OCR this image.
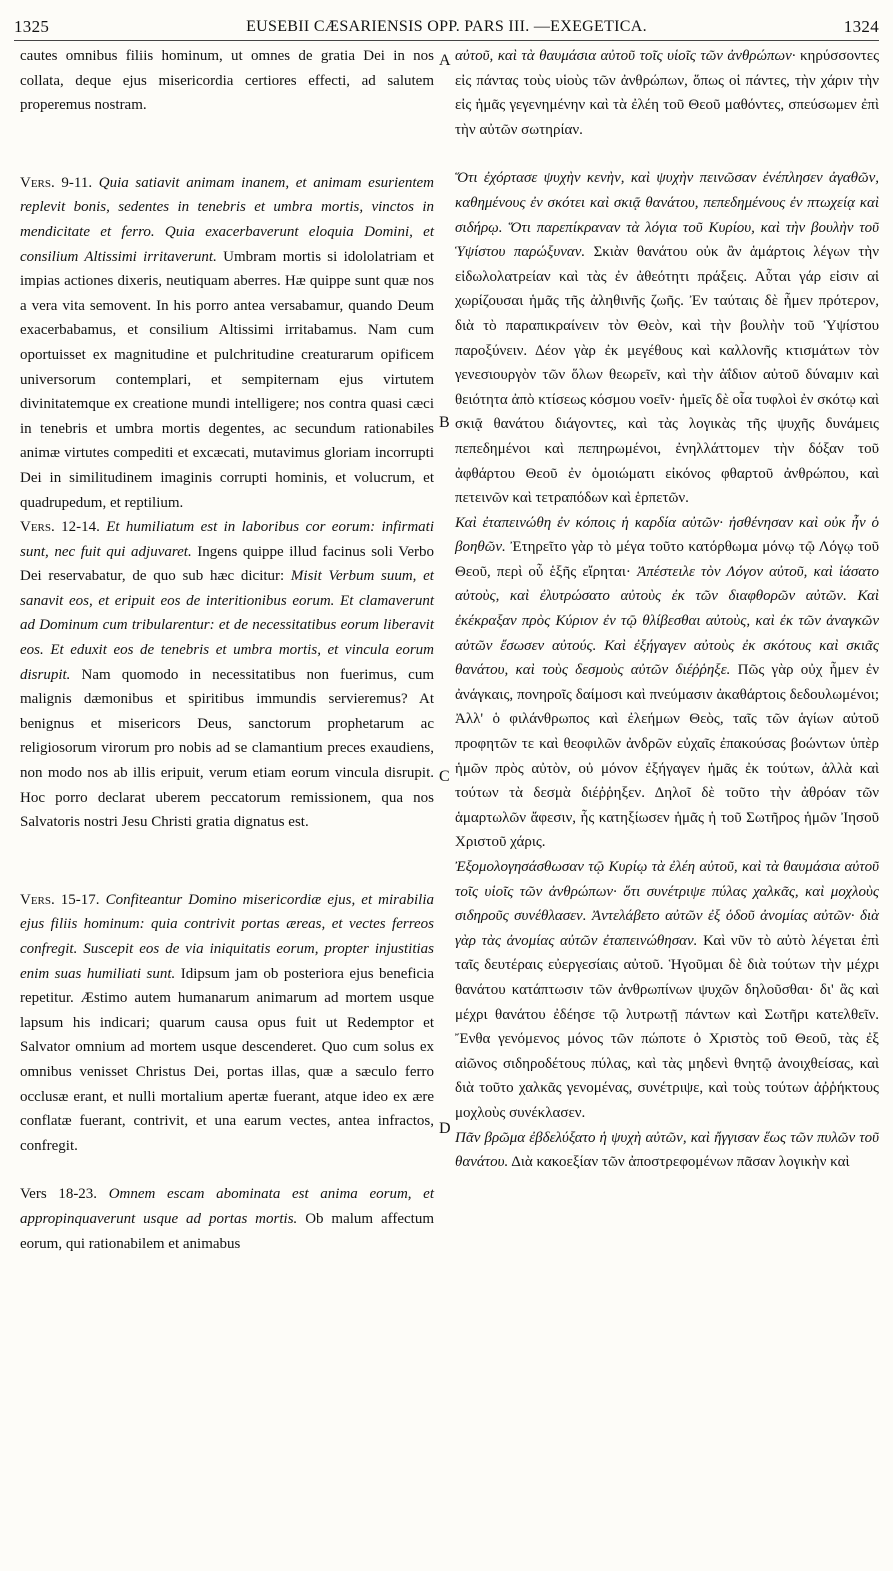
1325	EUSEBII CÆSARIENSIS OPP. PARS III. —EXEGETICA.	1324

cautes omnibus filiis hominum, ut omnes de gratia Dei in nos collata, deque ejus misericordia certiores effecti, ad salutem properemus nostram.

Vers. 9-11. Quia satiavit animam inanem, et animam esurientem replevit bonis, sedentes in tenebris et umbra mortis, vinctos in mendicitate et ferro. Quia exacerbaverunt eloquia Domini, et consilium Altissimi irritaverunt. Umbram mortis si idololatriam et impias actiones dixeris, neutiquam aberres. Hæ quippe sunt quæ nos a vera vita semovent. In his porro antea versabamur, quando Deum exacerbabamus, et consilium Altissimi irritabamus. Nam cum oportuisset ex magnitudine et pulchritudine creaturarum opificem universorum contemplari, et sempiternam ejus virtutem divinitatemque ex creatione mundi intelligere; nos contra quasi cæci in tenebris et umbra mortis degentes, ac secundum rationabiles animæ virtutes compediti et excæcati, mutavimus gloriam incorrupti Dei in similitudinem imaginis corrupti hominis, et volucrum, et quadrupedum, et reptilium.

Vers. 12-14. Et humiliatum est in laboribus cor eorum: infirmati sunt, nec fuit qui adjuvaret. Ingens quippe illud facinus soli Verbo Dei reservabatur, de quo sub hæc dicitur: Misit Verbum suum, et sanavit eos, et eripuit eos de interitionibus eorum. Et clamaverunt ad Dominum cum tribularentur: et de necessitatibus eorum liberavit eos. Et eduxit eos de tenebris et umbra mortis, et vincula eorum disrupit. Nam quomodo in necessitatibus non fuerimus, cum malignis dæmonibus et spiritibus immundis servieremus? At benignus et misericors Deus, sanctorum prophetarum ac religiosorum virorum pro nobis ad se clamantium preces exaudiens, non modo nos ab illis eripuit, verum etiam eorum vincula disrupit. Hoc porro declarat uberem peccatorum remissionem, qua nos Salvatoris nostri Jesu Christi gratia dignatus est.

Vers. 15-17. Confiteantur Domino misericordiæ ejus, et mirabilia ejus filiis hominum: quia contrivit portas æreas, et vectes ferreos confregit. Suscepit eos de via iniquitatis eorum, propter injustitias enim suas humiliati sunt. Idipsum jam ob posteriora ejus beneficia repetitur. Æstimo autem humanarum animarum ad mortem usque lapsum his indicari; quarum causa opus fuit ut Redemptor et Salvator omnium ad mortem usque descenderet. Quo cum solus ex omnibus venisset Christus Dei, portas illas, quæ a sæculo ferro occlusæ erant, et nulli mortalium apertæ fuerant, atque ideo ex ære conflatæ fuerant, contrivit, et una earum vectes, antea infractos, confregit.

Vers 18-23. Omnem escam abominata est anima eorum, et appropinquaverunt usque ad portas mortis. Ob malum affectum eorum, qui rationabilem et animabus

A
B
C
D

αὐτοῦ, καὶ τὰ θαυμάσια αὐτοῦ τοῖς υἱοῖς τῶν ἀνθρώπων· κηρύσσοντες εἰς πάντας τοὺς υἱοὺς τῶν ἀνθρώπων, ὅπως οἱ πάντες, τὴν χάριν τὴν εἰς ἡμᾶς γεγενημένην καὶ τὰ ἐλέη τοῦ Θεοῦ μαθόντες, σπεύσωμεν ἐπὶ τὴν αὐτῶν σωτηρίαν.

Ὅτι ἐχόρτασε ψυχὴν κενὴν, καὶ ψυχὴν πεινῶσαν ἐνέπλησεν ἀγαθῶν, καθημένους ἐν σκότει καὶ σκιᾷ θανάτου, πεπεδημένους ἐν πτωχείᾳ καὶ σιδήρῳ. Ὅτι παρεπίκραναν τὰ λόγια τοῦ Κυρίου, καὶ τὴν βουλὴν τοῦ Ὑψίστου παρώξυναν. Σκιὰν θανάτου οὐκ ἂν ἁμάρτοις λέγων τὴν εἰδωλολατρείαν καὶ τὰς ἐν ἀθεότητι πράξεις. Αὗται γάρ εἰσιν αἱ χωρίζουσαι ἡμᾶς τῆς ἀληθινῆς ζωῆς. Ἐν ταύταις δὲ ἦμεν πρότερον, διὰ τὸ παραπικραίνειν τὸν Θεὸν, καὶ τὴν βουλὴν τοῦ Ὑψίστου παροξύνειν. Δέον γὰρ ἐκ μεγέθους καὶ καλλονῆς κτισμάτων τὸν γενεσιουργὸν τῶν ὅλων θεωρεῖν, καὶ τὴν ἀΐδιον αὐτοῦ δύναμιν καὶ θειότητα ἀπὸ κτίσεως κόσμου νοεῖν· ἡμεῖς δὲ οἷα τυφλοὶ ἐν σκότῳ καὶ σκιᾷ θανάτου διάγοντες, καὶ τὰς λογικὰς τῆς ψυχῆς δυνάμεις πεπεδημένοι καὶ πεπηρωμένοι, ἐνηλλάττομεν τὴν δόξαν τοῦ ἀφθάρτου Θεοῦ ἐν ὁμοιώματι εἰκόνος φθαρτοῦ ἀνθρώπου, καὶ πετεινῶν καὶ τετραπόδων καὶ ἑρπετῶν.

Καὶ ἐταπεινώθη ἐν κόποις ἡ καρδία αὐτῶν· ἠσθένησαν καὶ οὐκ ἦν ὁ βοηθῶν. Ἐτηρεῖτο γὰρ τὸ μέγα τοῦτο κατόρθωμα μόνῳ τῷ Λόγῳ τοῦ Θεοῦ, περὶ οὗ ἑξῆς εἴρηται· Ἀπέστειλε τὸν Λόγον αὐτοῦ, καὶ ἰάσατο αὐτοὺς, καὶ ἐλυτρώσατο αὐτοὺς ἐκ τῶν διαφθορῶν αὐτῶν. Καὶ ἐκέκραξαν πρὸς Κύριον ἐν τῷ θλίβεσθαι αὐτοὺς, καὶ ἐκ τῶν ἀναγκῶν αὐτῶν ἔσωσεν αὐτούς. Καὶ ἐξήγαγεν αὐτοὺς ἐκ σκότους καὶ σκιᾶς θανάτου, καὶ τοὺς δεσμοὺς αὐτῶν διέῤῥηξε. Πῶς γὰρ οὐχ ἦμεν ἐν ἀνάγκαις, πονηροῖς δαίμοσι καὶ πνεύμασιν ἀκαθάρτοις δεδουλωμένοι; Ἀλλ' ὁ φιλάνθρωπος καὶ ἐλεήμων Θεὸς, ταῖς τῶν ἁγίων αὐτοῦ προφητῶν τε καὶ θεοφιλῶν ἀνδρῶν εὐχαῖς ἐπακούσας βοώντων ὑπὲρ ἡμῶν πρὸς αὐτὸν, οὐ μόνον ἐξήγαγεν ἡμᾶς ἐκ τούτων, ἀλλὰ καὶ τούτων τὰ δεσμὰ διέῤῥηξεν. Δηλοῖ δὲ τοῦτο τὴν ἀθρόαν τῶν ἁμαρτωλῶν ἄφεσιν, ἧς κατηξίωσεν ἡμᾶς ἡ τοῦ Σωτῆρος ἡμῶν Ἰησοῦ Χριστοῦ χάρις.

Ἐξομολογησάσθωσαν τῷ Κυρίῳ τὰ ἐλέη αὐτοῦ, καὶ τὰ θαυμάσια αὐτοῦ τοῖς υἱοῖς τῶν ἀνθρώπων· ὅτι συνέτριψε πύλας χαλκᾶς, καὶ μοχλοὺς σιδηροῦς συνέθλασεν. Ἀντελάβετο αὐτῶν ἐξ ὁδοῦ ἀνομίας αὐτῶν· διὰ γὰρ τὰς ἀνομίας αὐτῶν ἐταπεινώθησαν. Καὶ νῦν τὸ αὐτὸ λέγεται ἐπὶ ταῖς δευτέραις εὐεργεσίαις αὐτοῦ. Ἡγοῦμαι δὲ διὰ τούτων τὴν μέχρι θανάτου κατάπτωσιν τῶν ἀνθρωπίνων ψυχῶν δηλοῦσθαι· δι' ἃς καὶ μέχρι θανάτου ἐδέησε τῷ λυτρωτῇ πάντων καὶ Σωτῆρι κατελθεῖν. Ἔνθα γενόμενος μόνος τῶν πώποτε ὁ Χριστὸς τοῦ Θεοῦ, τὰς ἐξ αἰῶνος σιδηροδέτους πύλας, καὶ τὰς μηδενὶ θνητῷ ἀνοιχθείσας, καὶ διὰ τοῦτο χαλκᾶς γενομένας, συνέτριψε, καὶ τοὺς τούτων ἀῤῥήκτους μοχλοὺς συνέκλασεν.

Πᾶν βρῶμα ἐβδελύξατο ἡ ψυχὴ αὐτῶν, καὶ ἤγγισαν ἕως τῶν πυλῶν τοῦ θανάτου. Διὰ κακοεξίαν τῶν ἀποστρεφομένων πᾶσαν λογικὴν καὶ
